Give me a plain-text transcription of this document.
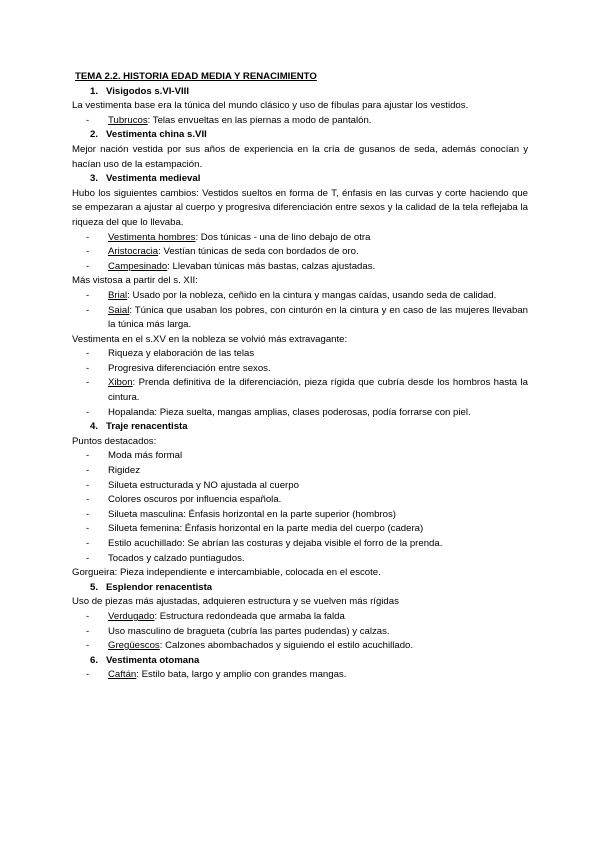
TEMA 2.2. HISTORIA EDAD MEDIA Y RENACIMIENTO
1. Visigodos s.VI-VIII
La vestimenta base era la túnica del mundo clásico y uso de fíbulas para ajustar los vestidos.
-	Tubrucos: Telas envueltas en las piernas a modo de pantalón.
2. Vestimenta china s.VII
Mejor nación vestida por sus años de experiencia en la cría de gusanos de seda, además conocían y hacían uso de la estampación.
3. Vestimenta medieval
Hubo los siguientes cambios: Vestidos sueltos en forma de T, énfasis en las curvas y corte haciendo que se empezaran a ajustar al cuerpo y progresiva diferenciación entre sexos y la calidad de la tela reflejaba la riqueza del que lo llevaba.
-	Vestimenta hombres: Dos túnicas - una de lino debajo de otra
-	Aristocracia: Vestían túnicas de seda con bordados de oro.
-	Campesinado: Llevaban túnicas más bastas, calzas ajustadas.
Más vistosa a partir del s. XII:
-	Brial: Usado por la nobleza, ceñido en la cintura y mangas caídas, usando seda de calidad.
-	Saial: Túnica que usaban los pobres, con cinturón en la cintura y en caso de las mujeres llevaban la túnica más larga.
Vestimenta en el s.XV en la nobleza se volvió más extravagante:
-	Riqueza y elaboración de las telas
-	Progresiva diferenciación entre sexos.
-	Xibon: Prenda definitiva de la diferenciación, pieza rígida que cubría desde los hombros hasta la cintura.
-	Hopalanda: Pieza suelta, mangas amplias, clases poderosas, podía forrarse con piel.
4. Traje renacentista
Puntos destacados:
-	Moda más formal
-	Rigidez
-	Silueta estructurada y NO ajustada al cuerpo
-	Colores oscuros por influencia española.
-	Silueta masculina: Énfasis horizontal en la parte superior (hombros)
-	Silueta femenina: Énfasis horizontal en la parte media del cuerpo (cadera)
-	Estilo acuchillado: Se abrían las costuras y dejaba visible el forro de la prenda.
-	Tocados y calzado puntiagudos.
Gorgueira: Pieza independiente e intercambiable, colocada en el escote.
5. Esplendor renacentista
Uso de piezas más ajustadas, adquieren estructura y se vuelven más rígidas
-	Verdugado: Estructura redondeada que armaba la falda
-	Uso masculino de bragueta (cubría las partes pudendas) y calzas.
-	Gregüescos: Calzones abombachados y siguiendo el estilo acuchillado.
6. Vestimenta otomana
-	Caftán: Estilo bata, largo y amplio con grandes mangas.
